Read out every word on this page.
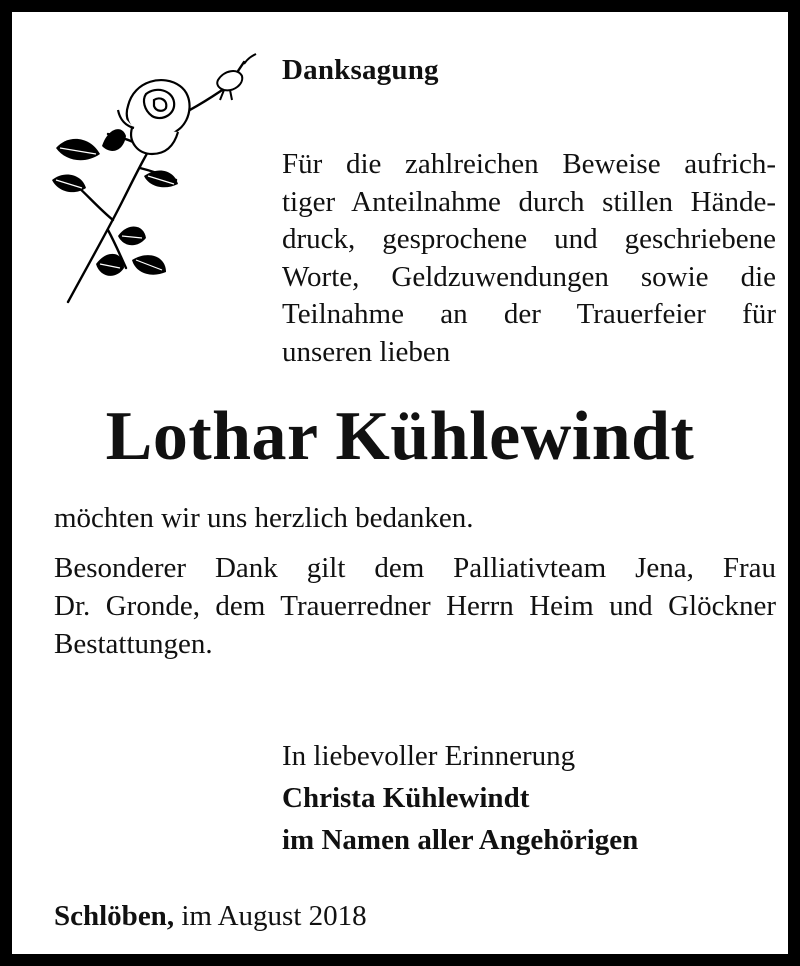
Danksagung
Für die zahlreichen Beweise aufrich-
tiger Anteilnahme durch stillen Hände-
druck, gesprochene und geschriebene
Worte, Geldzuwendungen sowie die
Teilnahme an der Trauerfeier für
unseren lieben
Lothar Kühlewindt
möchten wir uns herzlich bedanken.
Besonderer Dank gilt dem Palliativteam Jena, Frau
Dr. Gronde, dem Trauerredner Herrn Heim und Glöckner
Bestattungen.
In liebevoller Erinnerung
Christa Kühlewindt
im Namen aller Angehörigen
Schlöben, im August 2018
